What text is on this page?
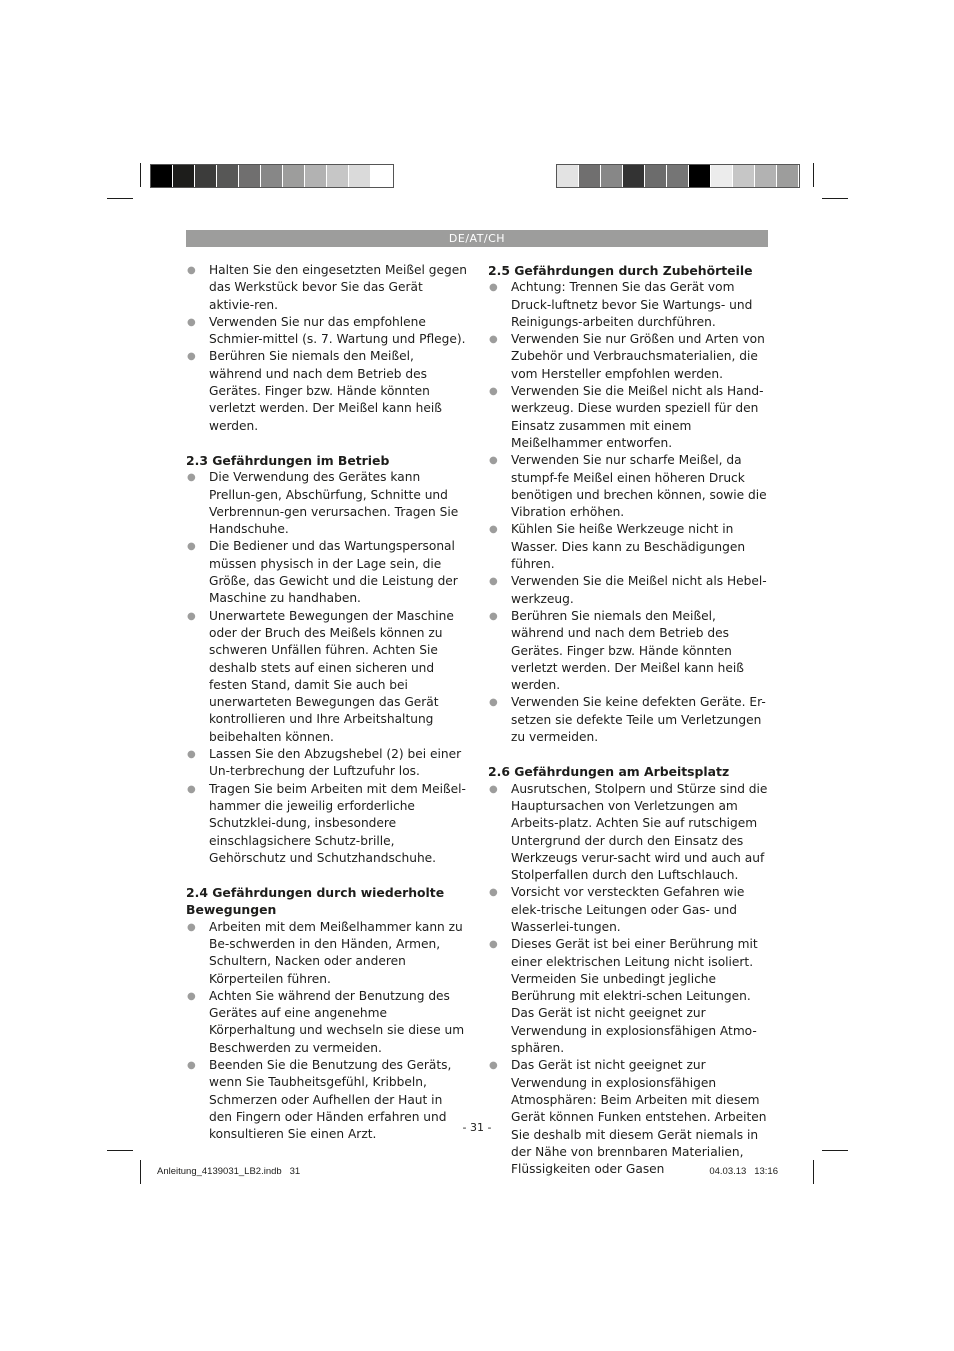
DE/AT/CH
● Halten Sie den eingesetzten Meißel gegen das Werkstück bevor Sie das Gerät aktivie-ren.
● Verwenden Sie nur das empfohlene Schmier-mittel (s. 7. Wartung und Pflege).
● Berühren Sie niemals den Meißel, während und nach dem Betrieb des Gerätes. Finger bzw. Hände könnten verletzt werden. Der Meißel kann heiß werden.
2.3 Gefährdungen im Betrieb
● Die Verwendung des Gerätes kann Prellun-gen, Abschürfung, Schnitte und Verbrennun-gen verursachen. Tragen Sie Handschuhe.
● Die Bediener und das Wartungspersonal müssen physisch in der Lage sein, die Größe, das Gewicht und die Leistung der Maschine zu handhaben.
● Unerwartete Bewegungen der Maschine oder der Bruch des Meißels können zu schweren Unfällen führen. Achten Sie deshalb stets auf einen sicheren und festen Stand, damit Sie auch bei unerwarteten Bewegungen das Gerät kontrollieren und Ihre Arbeitshaltung beibehalten können.
● Lassen Sie den Abzugshebel (2) bei einer Un-terbrechung der Luftzufuhr los.
● Tragen Sie beim Arbeiten mit dem Meißel-hammer die jeweilig erforderliche Schutzklei-dung, insbesondere einschlagsichere Schutz-brille, Gehörschutz und Schutzhandschuhe.
2.4 Gefährdungen durch wiederholte Bewegungen
● Arbeiten mit dem Meißelhammer kann zu Be-schwerden in den Händen, Armen, Schultern, Nacken oder anderen Körperteilen führen.
● Achten Sie während der Benutzung des Gerätes auf eine angenehme Körperhaltung und wechseln sie diese um Beschwerden zu vermeiden.
● Beenden Sie die Benutzung des Geräts, wenn Sie Taubheitsgefühl, Kribbeln, Schmerzen oder Aufhellen der Haut in den Fingern oder Händen erfahren und konsultieren Sie einen Arzt.
2.5 Gefährdungen durch Zubehörteile
● Achtung: Trennen Sie das Gerät vom Druck-luftnetz bevor Sie Wartungs- und Reinigungs-arbeiten durchführen.
● Verwenden Sie nur Größen und Arten von Zubehör und Verbrauchsmaterialien, die vom Hersteller empfohlen werden.
● Verwenden Sie die Meißel nicht als Hand-werkzeug. Diese wurden speziell für den Einsatz zusammen mit einem Meißelhammer entworfen.
● Verwenden Sie nur scharfe Meißel, da stumpf-fe Meißel einen höheren Druck benötigen und brechen können, sowie die Vibration erhöhen.
● Kühlen Sie heiße Werkzeuge nicht in Wasser. Dies kann zu Beschädigungen führen.
● Verwenden Sie die Meißel nicht als Hebel-werkzeug.
● Berühren Sie niemals den Meißel, während und nach dem Betrieb des Gerätes. Finger bzw. Hände könnten verletzt werden. Der Meißel kann heiß werden.
● Verwenden Sie keine defekten Geräte. Er-setzen sie defekte Teile um Verletzungen zu vermeiden.
2.6 Gefährdungen am Arbeitsplatz
● Ausrutschen, Stolpern und Stürze sind die Hauptursachen von Verletzungen am Arbeits-platz. Achten Sie auf rutschigem Untergrund der durch den Einsatz des Werkzeugs verur-sacht wird und auch auf Stolperfallen durch den Luftschlauch.
● Vorsicht vor versteckten Gefahren wie elek-trische Leitungen oder Gas- und Wasserlei-tungen.
● Dieses Gerät ist bei einer Berührung mit einer elektrischen Leitung nicht isoliert. Vermeiden Sie unbedingt jegliche Berührung mit elektri-schen Leitungen. Das Gerät ist nicht geeignet zur Verwendung in explosionsfähigen Atmo-sphären.
● Das Gerät ist nicht geeignet zur Verwendung in explosionsfähigen Atmosphären: Beim Arbeiten mit diesem Gerät können Funken entstehen. Arbeiten Sie deshalb mit diesem Gerät niemals in der Nähe von brennbaren Materialien, Flüssigkeiten oder Gasen
- 31 -
Anleitung_4139031_LB2.indb   31	04.03.13   13:16
